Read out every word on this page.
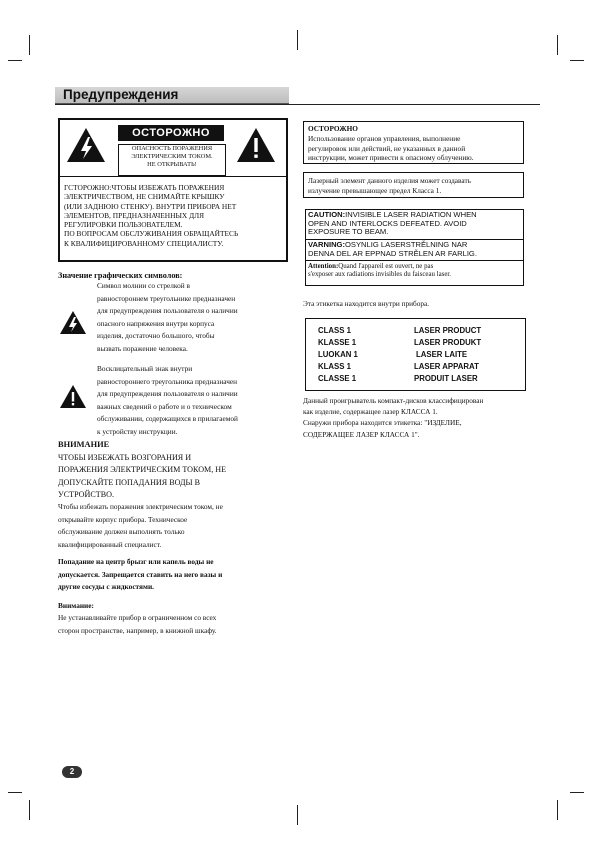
Предупреждения
ОСТОРОЖНО
ОПАСНОСТЬ ПОРАЖЕНИЯ
ЭЛЕКТРИЧЕСКИМ ТОКОМ.
НЕ ОТКРЫВАТЬ!
ГСТОРОЖНО:ЧТОБЫ ИЗБЕЖАТЬ ПОРАЖЕНИЯ
ЭЛЕКТРИЧЕСТВОМ, НЕ СНИМАЙТЕ КРЫШКУ
(ИЛИ ЗАДНЮЮ СТЕНКУ). ВНУТРИ ПРИБОРА НЕТ
ЭЛЕМЕНТОВ, ПРЕДНАЗНАЧЕННЫХ ДЛЯ
РЕГУЛИРОВКИ ПОЛЬЗОВАТЕЛЕМ.
ПО ВОПРОСАМ ОБСЛУЖИВАНИЯ ОБРАЩАЙТЕСЬ
К КВАЛИФИЦИРОВАННОМУ СПЕЦИАЛИСТУ.
Значение графических символов:
Символ молнии со стрелкой в
равностороннем треугольнике предназначен
для предупреждения пользователя о наличии
опасного напряжения внутри корпуса
изделия, достаточно большого, чтобы
вызвать поражение человека.
Восклицательный знак внутри
равностороннего треугольника предназначен
для предупреждения пользователя о наличии
важных сведений о работе и о техническом
обслуживании, содержащихся в прилагаемой
к устройству инструкции.
ВНИМАНИЕ
ЧТОБЫ ИЗБЕЖАТЬ ВОЗГОРАНИЯ И
ПОРАЖЕНИЯ ЭЛЕКТРИЧЕСКИМ ТОКОМ, НЕ
ДОПУСКАЙТЕ ПОПАДАНИЯ ВОДЫ В
УСТРОЙСТВО.
Чтобы избежать поражения электрическим током, не
открывайте корпус прибора. Техническое
обслуживание должен выполнять только
квалифицированный специалист.
Попадание на центр брызг или капель воды не
допускается. Запрещается ставить на него вазы и
другие сосуды с жидкостями.
Внимание:
Не устанавливайте прибор в ограниченном со всех
сторон пространстве, например, в книжной шкафу.
ОСТОРОЖНО
Использование органов управления, выполнение
регулировок или действий, не указанных в данной
инструкции, может привести к опасному облучению.
Лазерный элемент данного изделия может создавать
излучение превышающее предел Класса 1.
CAUTION:INVISIBLE LASER RADIATION WHEN
OPEN AND INTERLOCKS DEFEATED. AVOID
EXPOSURE TO BEAM.
VARNING:OSYNLIG LASERSTRĚLNING NAR
DENNA DEL AR EPPNAD STRĚLEN AR FARLIG.
Attention:Quand l'appareil est ouvert, ne pas
s'exposer aux radiations invisibles du faisceau laser.
Эта этикетка находится внутри прибора.
CLASS 1	LASER PRODUCT
KLASSE 1	LASER PRODUKT
LUOKAN 1	LASER LAITE
KLASS 1	LASER APPARAT
CLASSE 1	PRODUIT LASER
Данный проигрыватель компакт-дисков классифицирован
как изделие, содержащее лазер КЛАССА 1.
Снаружи прибора находится этикетка: "ИЗДЕЛИЕ,
СОДЕРЖАЩЕЕ ЛАЗЕР КЛАССА 1".
2
